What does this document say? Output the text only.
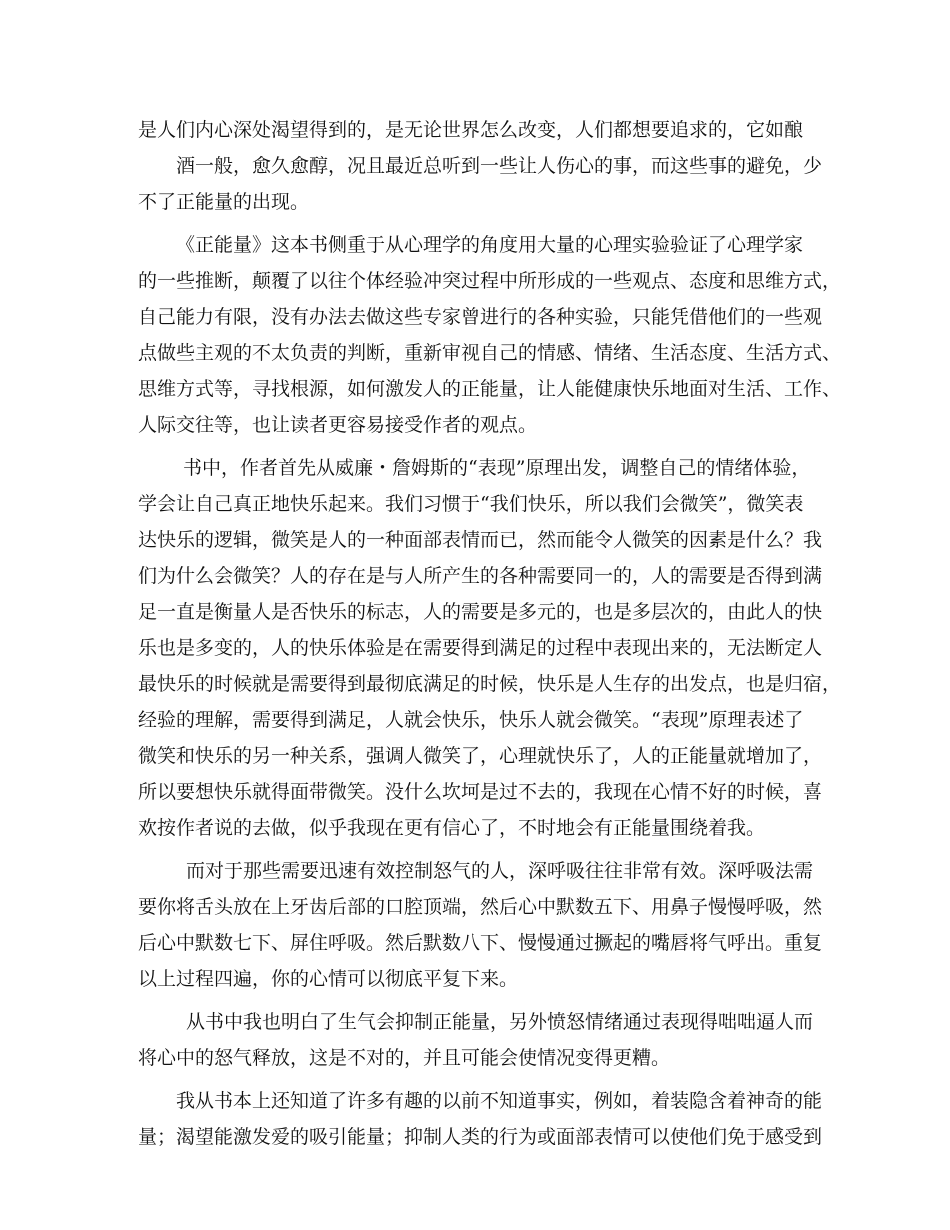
是人们内心深处渴望得到的，是无论世界怎么改变，人们都想要追求的，它如酿
酒一般，愈久愈醇，况且最近总听到一些让人伤心的事，而这些事的避免，少
不了正能量的出现。
《正能量》这本书侧重于从心理学的角度用大量的心理实验验证了心理学家
的一些推断，颠覆了以往个体经验冲突过程中所形成的一些观点、态度和思维方式，
自己能力有限，没有办法去做这些专家曾进行的各种实验，只能凭借他们的一些观
点做些主观的不太负责的判断，重新审视自己的情感、情绪、生活态度、生活方式、
思维方式等，寻找根源，如何激发人的正能量，让人能健康快乐地面对生活、工作、
人际交往等，也让读者更容易接受作者的观点。
书中，作者首先从威廉・詹姆斯的“表现”原理出发，调整自己的情绪体验，
学会让自己真正地快乐起来。我们习惯于“我们快乐，所以我们会微笑”，微笑表
达快乐的逻辑，微笑是人的一种面部表情而已，然而能令人微笑的因素是什么？我
们为什么会微笑？人的存在是与人所产生的各种需要同一的，人的需要是否得到满
足一直是衡量人是否快乐的标志，人的需要是多元的，也是多层次的，由此人的快
乐也是多变的，人的快乐体验是在需要得到满足的过程中表现出来的，无法断定人
最快乐的时候就是需要得到最彻底满足的时候，快乐是人生存的出发点，也是归宿，
经验的理解，需要得到满足，人就会快乐，快乐人就会微笑。“表现”原理表述了
微笑和快乐的另一种关系，强调人微笑了，心理就快乐了，人的正能量就增加了，
所以要想快乐就得面带微笑。没什么坎坷是过不去的，我现在心情不好的时候，喜
欢按作者说的去做，似乎我现在更有信心了，不时地会有正能量围绕着我。
而对于那些需要迅速有效控制怒气的人，深呼吸往往非常有效。深呼吸法需
要你将舌头放在上牙齿后部的口腔顶端，然后心中默数五下、用鼻子慢慢呼吸，然
后心中默数七下、屏住呼吸。然后默数八下、慢慢通过撅起的嘴唇将气呼出。重复
以上过程四遍，你的心情可以彻底平复下来。
从书中我也明白了生气会抑制正能量，另外愤怒情绪通过表现得咄咄逼人而
将心中的怒气释放，这是不对的，并且可能会使情况变得更糟。
我从书本上还知道了许多有趣的以前不知道事实，例如，着装隐含着神奇的能
量；渴望能激发爱的吸引能量；抑制人类的行为或面部表情可以使他们免于感受到
